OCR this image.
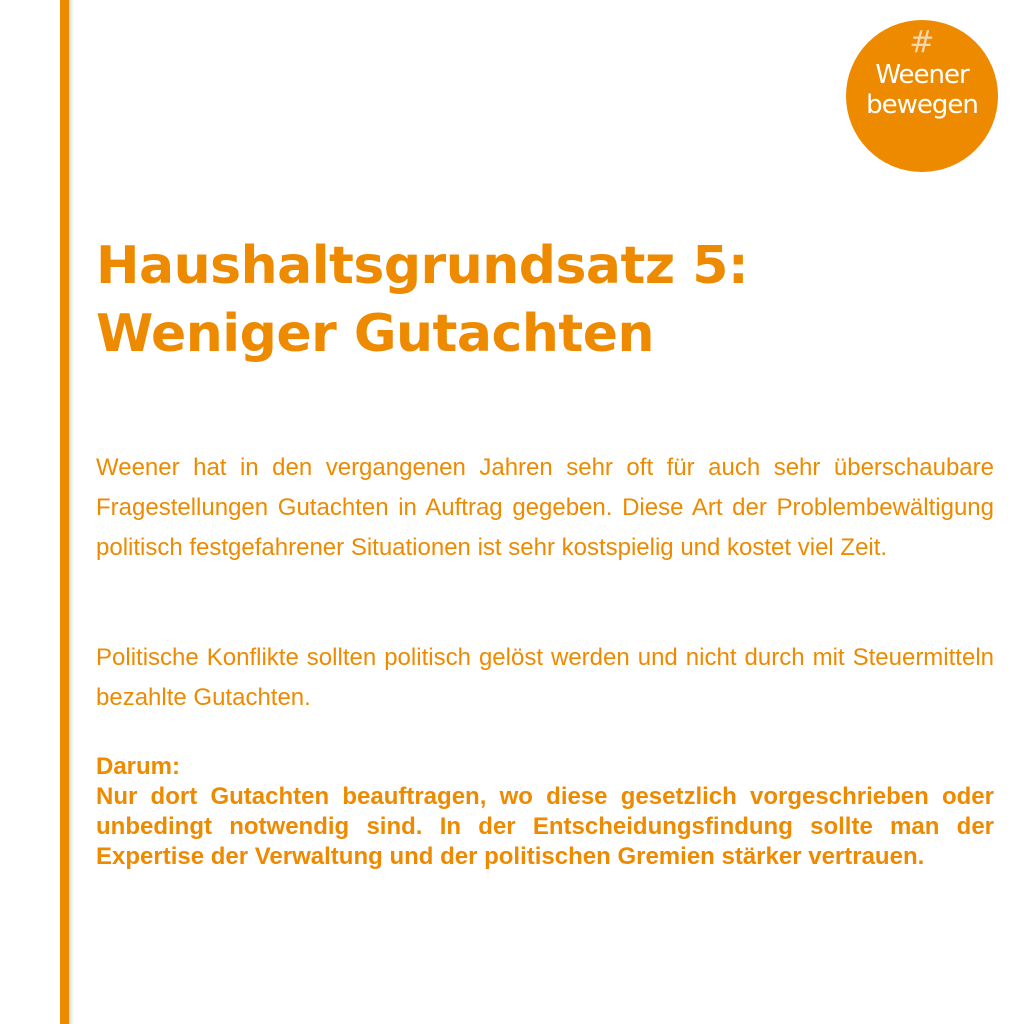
#
Weener
bewegen
Haushaltsgrundsatz 5:
Weniger Gutachten

Weener hat in den vergangenen Jahren sehr oft für auch sehr überschaubare Fragestellungen Gutachten in Auftrag gegeben. Diese Art der Problembewältigung politisch festgefahrener Situationen ist sehr kostspielig und kostet viel Zeit.

Politische Konflikte sollten politisch gelöst werden und nicht durch mit Steuermitteln bezahlte Gutachten.

Darum:
Nur dort Gutachten beauftragen, wo diese gesetzlich vorgeschrieben oder unbedingt notwendig sind. In der Entscheidungsfindung sollte man der Expertise der Verwaltung und der politischen Gremien stärker vertrauen.
